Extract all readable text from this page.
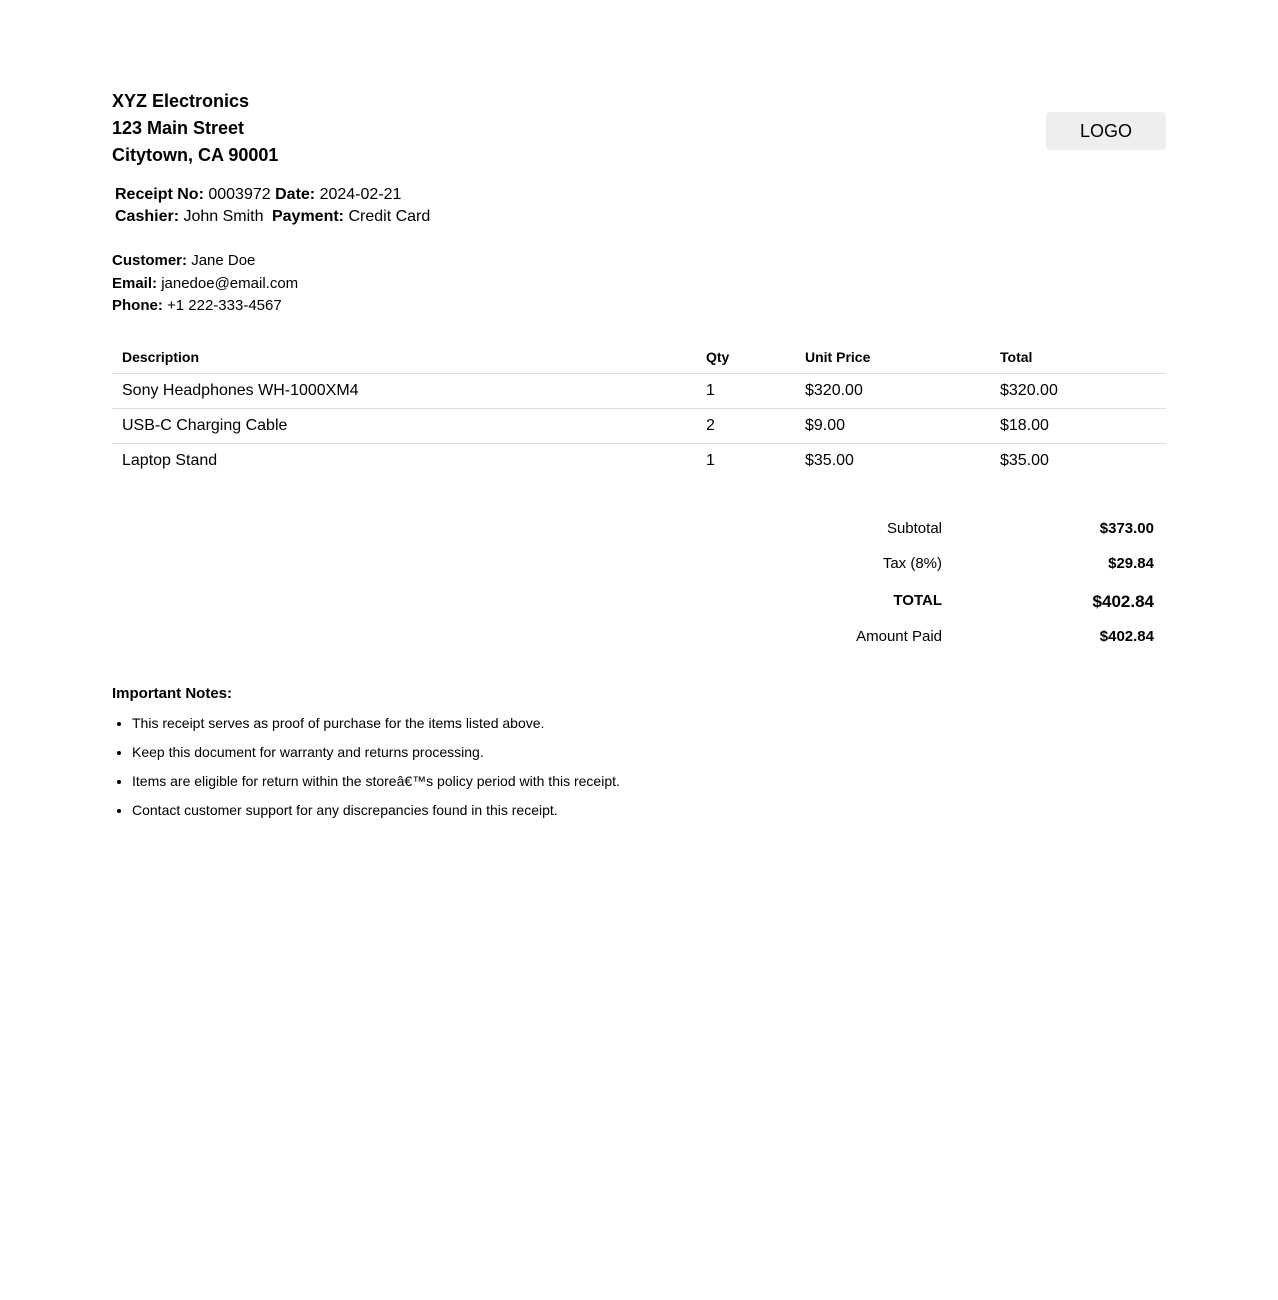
XYZ Electronics
123 Main Street
Citytown, CA 90001
LOGO
Receipt No: 0003972 Date: 2024-02-21
Cashier: John Smith Payment: Credit Card
Customer: Jane Doe
Email: janedoe@email.com
Phone: +1 222-333-4567
Description	Qty	Unit Price	Total
Sony Headphones WH-1000XM4	1	$320.00	$320.00
USB-C Charging Cable	2	$9.00	$18.00
Laptop Stand	1	$35.00	$35.00
Subtotal	$373.00
Tax (8%)	$29.84
TOTAL	$402.84
Amount Paid	$402.84
Important Notes:
• This receipt serves as proof of purchase for the items listed above.
• Keep this document for warranty and returns processing.
• Items are eligible for return within the storeâ€™s policy period with this receipt.
• Contact customer support for any discrepancies found in this receipt.
